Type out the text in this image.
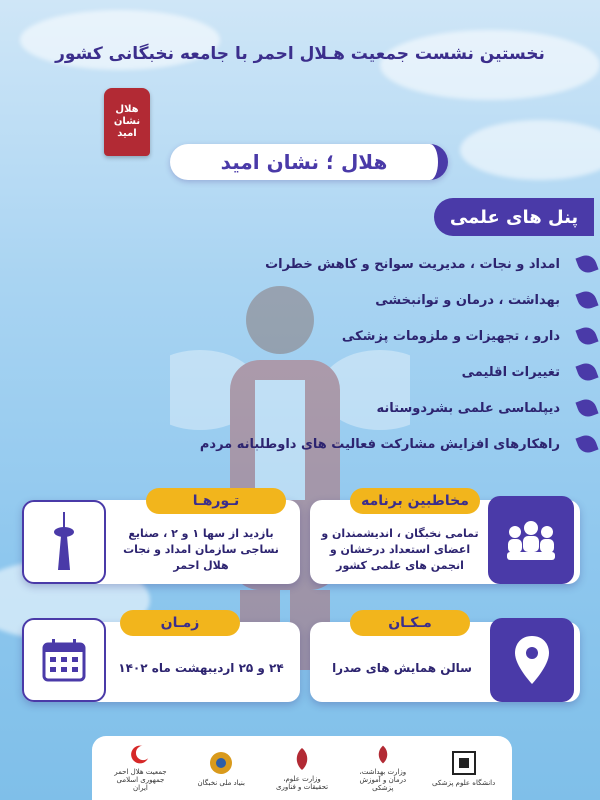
نخستین نشست جمعیت هـلال احمر با جامعه نخبگانی کشور
هلال نشان امید
هلال ؛ نشان امید
پنل های علمی
امداد و نجات ، مدیریت سوانح و کاهش خطرات
بهداشت ، درمان و توانبخشی
دارو ، تجهیزات و ملزومات پزشکی
تغییرات اقلیمی
دیپلماسی علمی بشردوستانه
راهکارهای افزایش مشارکت فعالیت های داوطلبانه مردم
مخاطبین برنامه
تمامی نخبگان ، اندیشمندان و اعضای استعداد درخشان و انجمن های علمی کشور
تـورهـا
بازدید از سها ۱ و ۲ ، صنایع نساجی سازمان امداد و نجات هلال احمر
مـکـان
سالن همایش های صدرا
زمـان
۲۴ و ۲۵ اردیبهشت ماه ۱۴۰۲
دانشگاه علوم پزشکی
وزارت بهداشت، درمان و آموزش پزشکی
وزارت علوم، تحقیقات و فناوری
بنیاد ملی نخبگان
جمعیت هلال احمر
جمهوری اسلامی ایران
